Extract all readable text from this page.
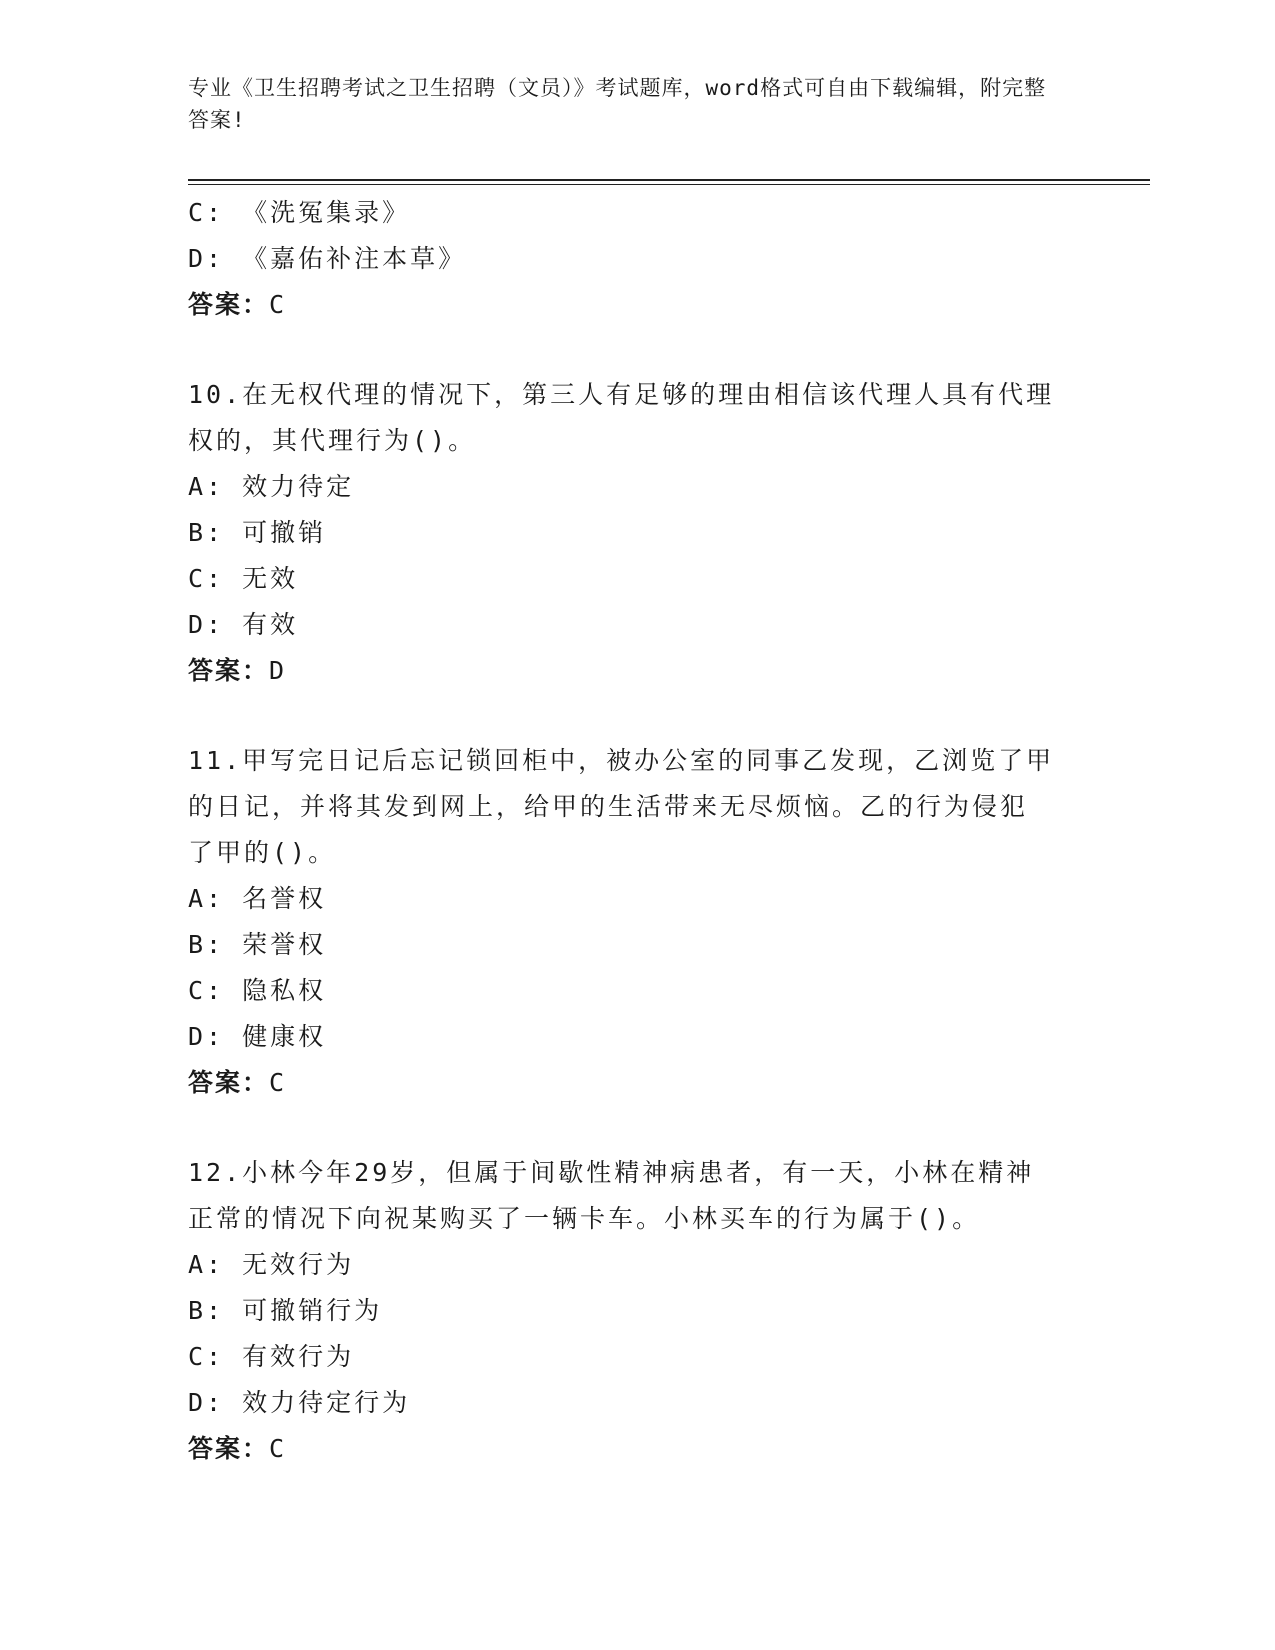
专业《卫生招聘考试之卫生招聘（文员）》考试题库，word格式可自由下载编辑，附完整答案!
C: 《洗冤集录》
D: 《嘉佑补注本草》
答案：C
10.在无权代理的情况下，第三人有足够的理由相信该代理人具有代理
权的，其代理行为()。
A: 效力待定
B: 可撤销
C: 无效
D: 有效
答案：D
11.甲写完日记后忘记锁回柜中，被办公室的同事乙发现，乙浏览了甲
的日记，并将其发到网上，给甲的生活带来无尽烦恼。乙的行为侵犯
了甲的()。
A: 名誉权
B: 荣誉权
C: 隐私权
D: 健康权
答案：C
12.小林今年29岁，但属于间歇性精神病患者，有一天，小林在精神
正常的情况下向祝某购买了一辆卡车。小林买车的行为属于()。
A: 无效行为
B: 可撤销行为
C: 有效行为
D: 效力待定行为
答案：C
